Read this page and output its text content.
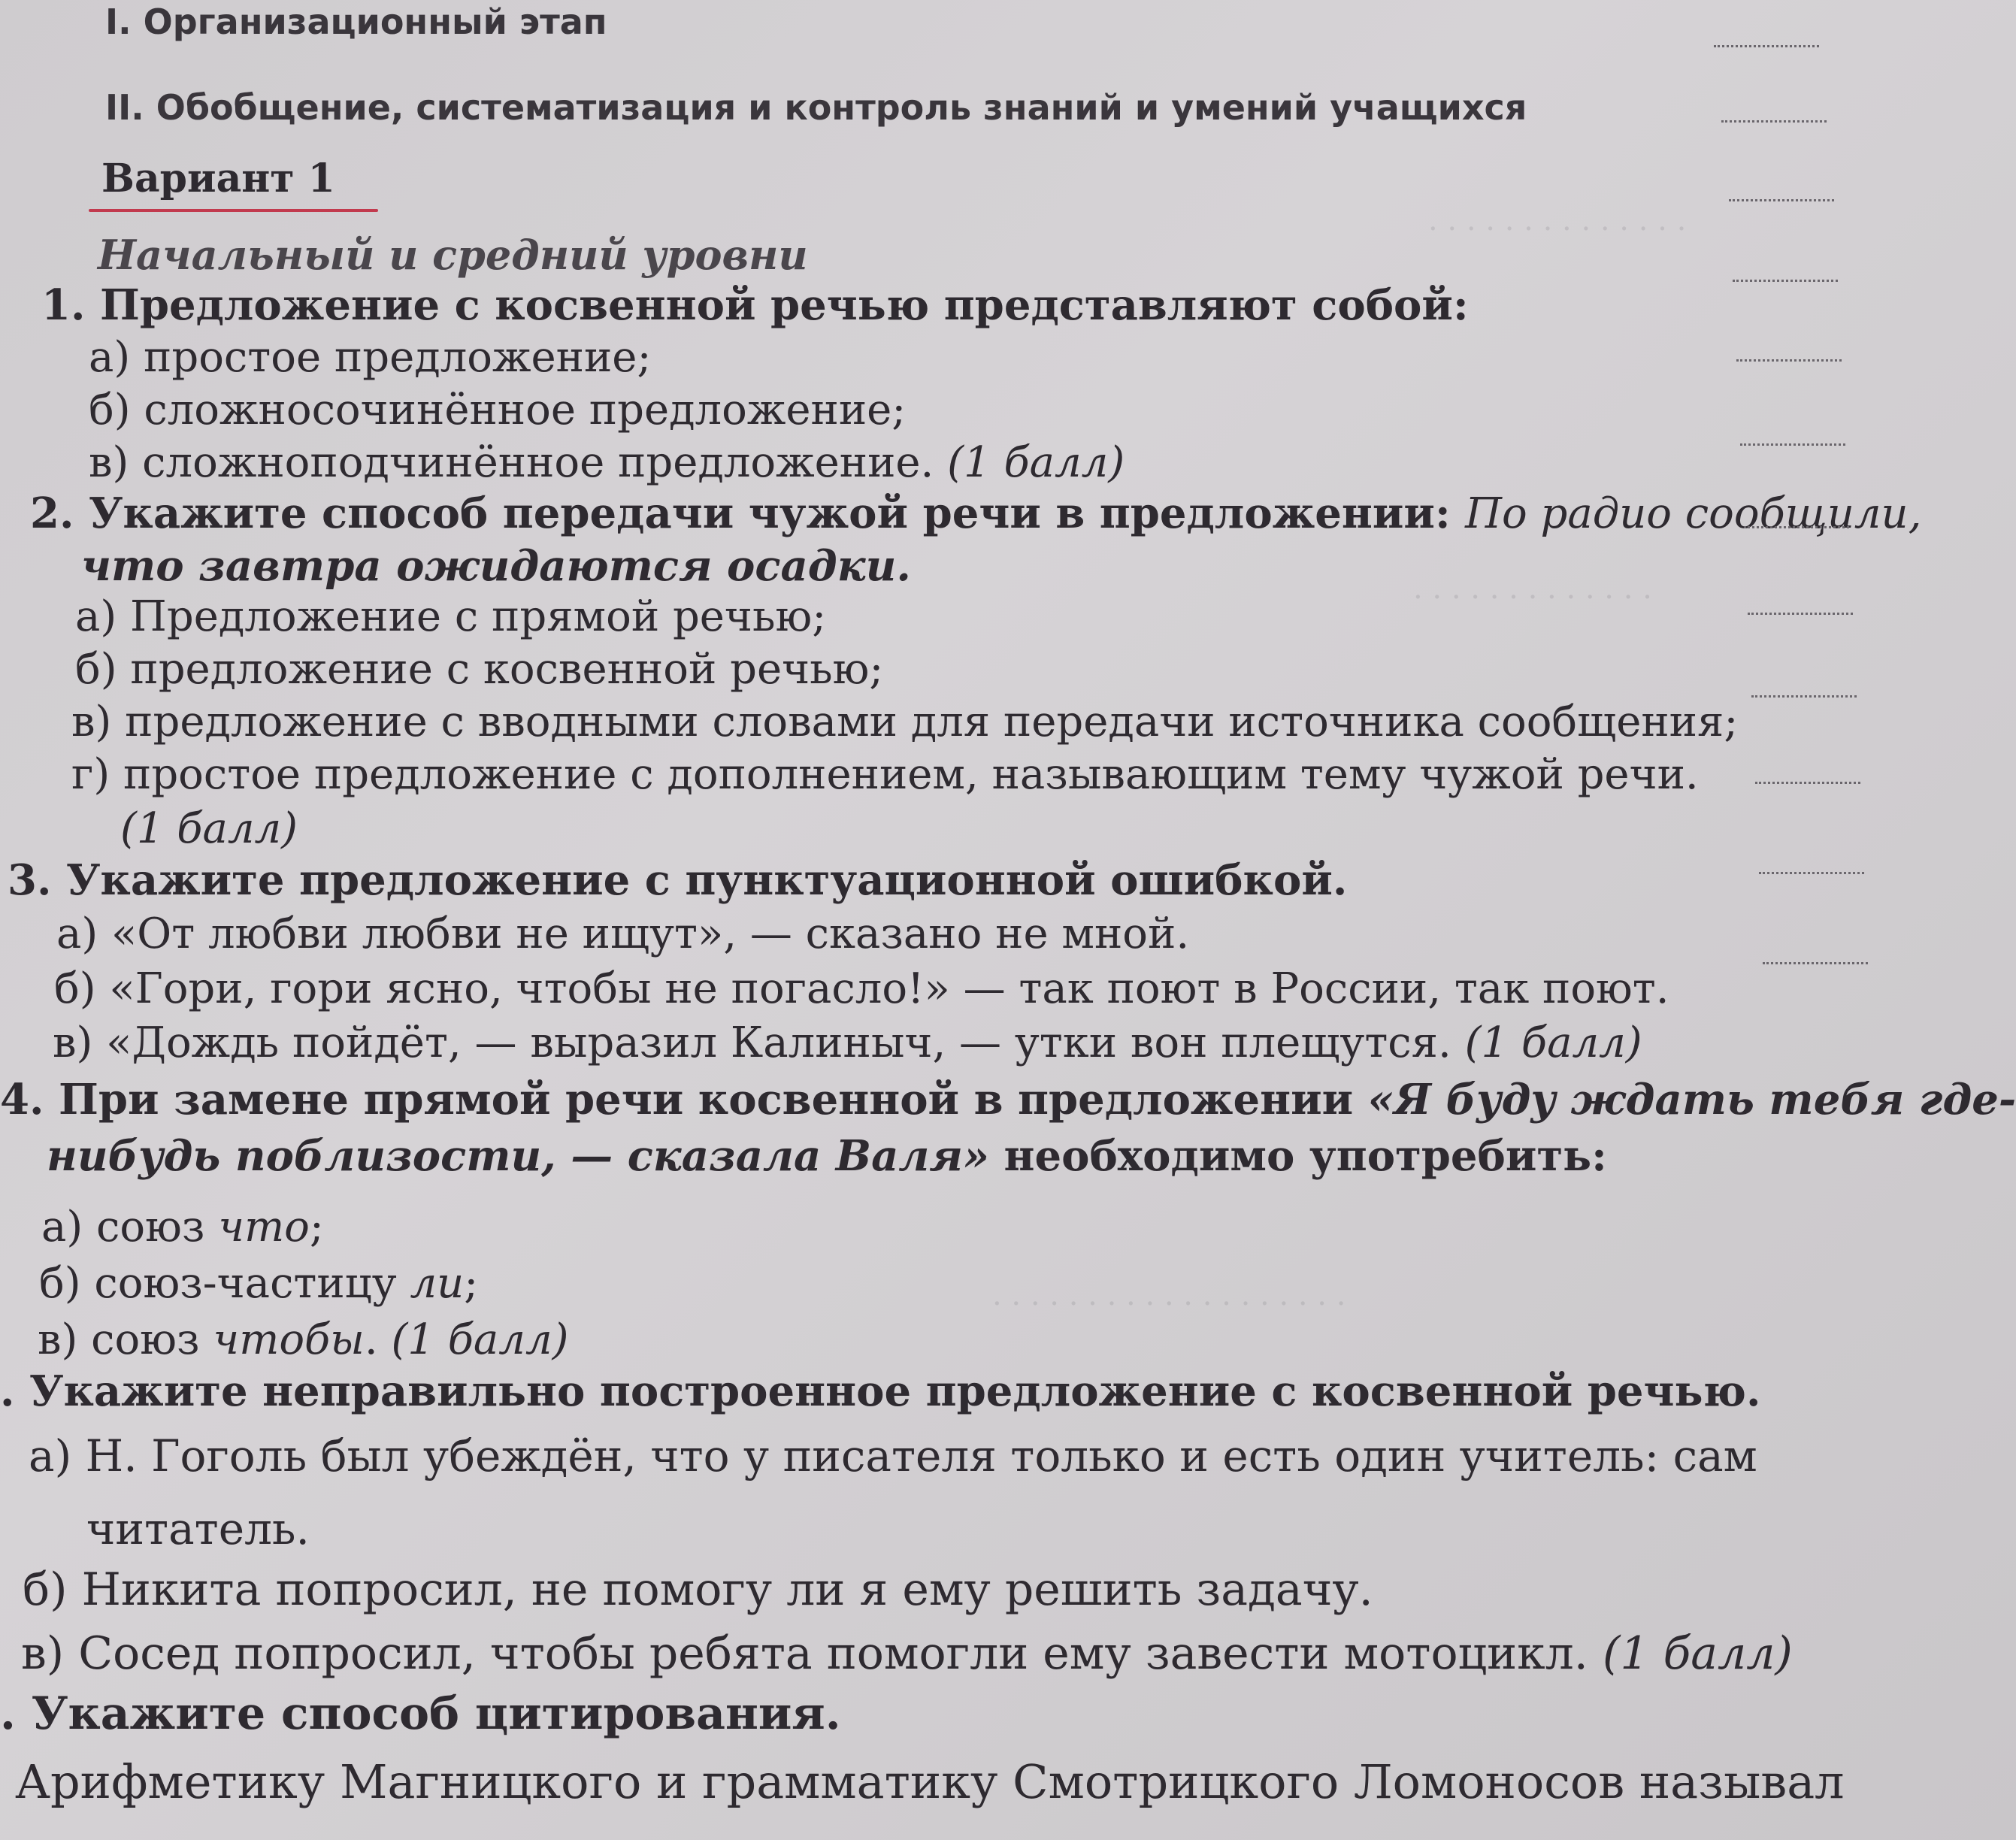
. . . . . . . . . . . . . .
. . . . . . . . . . . . .
. . . . . . . . . . . . . . . . . . .
I. Организационный этап
II. Обобщение, систематизация и контроль знаний и умений учащихся
Вариант 1
Начальный и средний уровни
1. Предложение с косвенной речью представляют собой:
а) простое предложение;
б) сложносочинённое предложение;
в) сложноподчинённое предложение. (1 балл)
2. Укажите способ передачи чужой речи в предложении: По радио сообщили,
что завтра ожидаются осадки.
а) Предложение с прямой речью;
б) предложение с косвенной речью;
в) предложение с вводными словами для передачи источника сообщения;
г) простое предложение с дополнением, называющим тему чужой речи.
(1 балл)
3. Укажите предложение с пунктуационной ошибкой.
а) «От любви любви не ищут», — сказано не мной.
б) «Гори, гори ясно, чтобы не погасло!» — так поют в России, так поют.
в) «Дождь пойдёт, — выразил Калиныч, — утки вон плещутся. (1 балл)
4. При замене прямой речи косвенной в предложении «Я буду ждать тебя где-
нибудь поблизости, — сказала Валя» необходимо употребить:
а) союз что;
б) союз-частицу ли;
в) союз чтобы. (1 балл)
. Укажите неправильно построенное предложение с косвенной речью.
а) Н. Гоголь был убеждён, что у писателя только и есть один учитель: сам
читатель.
б) Никита попросил, не помогу ли я ему решить задачу.
в) Сосед попросил, чтобы ребята помогли ему завести мотоцикл. (1 балл)
. Укажите способ цитирования.
Арифметику Магницкого и грамматику Смотрицкого Ломоносов называл
